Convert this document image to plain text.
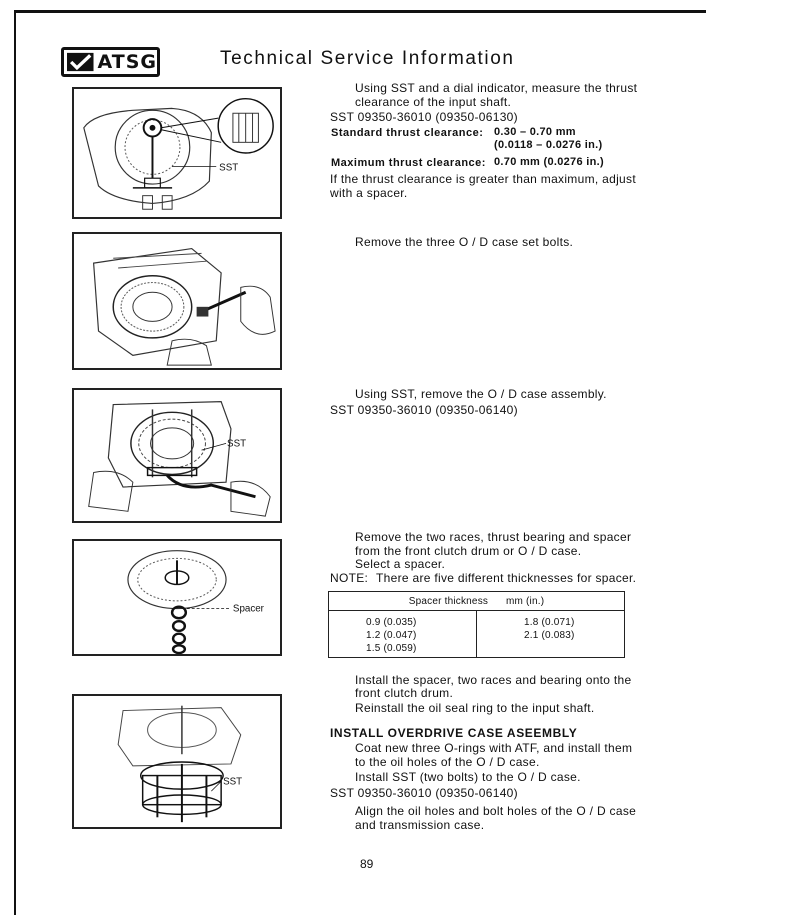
ATSG	Technical Service Information
SST
SST
Spacer
SST
Using SST and a dial indicator, measure the thrust
clearance of the input shaft.
SST 09350-36010 (09350-06130)
Standard thrust clearance: 0.30 – 0.70 mm
(0.0118 – 0.0276 in.)
Maximum thrust clearance: 0.70 mm (0.0276 in.)
If the thrust clearance is greater than maximum, adjust
with a spacer.
Remove the three O / D case set bolts.
Using SST, remove the O / D case assembly.
SST 09350-36010 (09350-06140)
Remove the two races, thrust bearing and spacer
from the front clutch drum or O / D case.
Select a spacer.
NOTE: There are five different thicknesses for spacer.
Spacer thickness mm (in.)

0.9 (0.035)
1.2 (0.047)
1.5 (0.059)

1.8 (0.071)
2.1 (0.083)
Install the spacer, two races and bearing onto the
front clutch drum.
Reinstall the oil seal ring to the input shaft.
INSTALL OVERDRIVE CASE ASEEMBLY
Coat new three O-rings with ATF, and install them
to the oil holes of the O / D case.
Install SST (two bolts) to the O / D case.
SST 09350-36010 (09350-06140)
Align the oil holes and bolt holes of the O / D case
and transmission case.
89
